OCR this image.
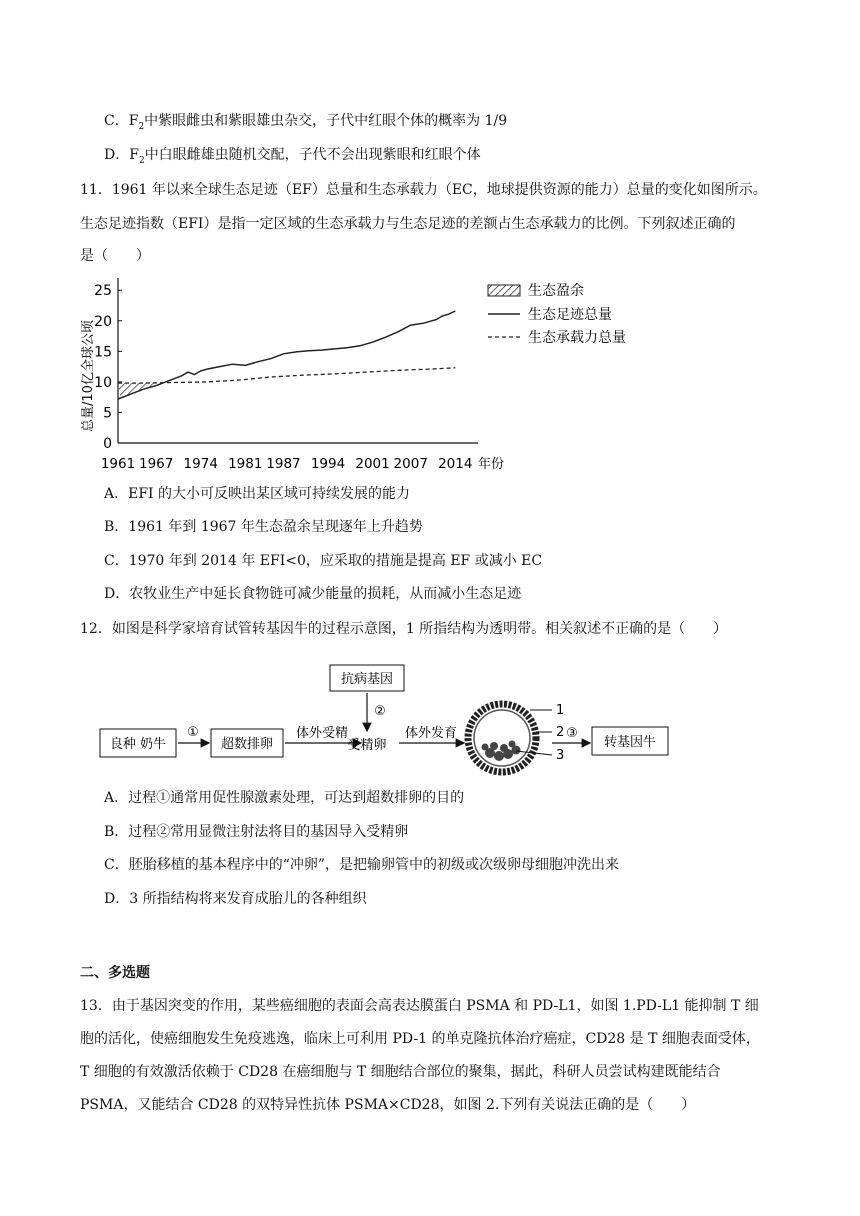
C．$F_2$中紫眼雌虫和紫眼雄虫杂交，子代中红眼个体的概率为 1/9
D．$F_2$中白眼雌雄虫随机交配，子代不会出现紫眼和红眼个体
11．1961 年以来全球生态足迹（EF）总量和生态承载力（EC，地球提供资源的能力）总量的变化如图所示。
生态足迹指数（EFI）是指一定区域的生态承载力与生态足迹的差额占生态承载力的比例。下列叙述正确的
是（　　）
0
5
10
15
20
25
1961 1967 1974 1981 1987 1994 2001 2007 2014
总量/10亿全球公顷
年份
生态盈余
生态足迹总量
生态承载力总量
A．EFI 的大小可反映出某区域可持续发展的能力
B．1961 年到 1967 年生态盈余呈现逐年上升趋势
C．1970 年到 2014 年 EFI<0，应采取的措施是提高 EF 或减小 EC
D．农牧业生产中延长食物链可减少能量的损耗，从而减小生态足迹
12．如图是科学家培育试管转基因牛的过程示意图，1 所指结构为透明带。相关叙述不正确的是（　　）
良种 奶牛	超数排卵
抗病基因
转基因牛
①	体外受精
②
受精卵
体外发育
1
2
3
③
A．过程①通常用促性腺激素处理，可达到超数排卵的目的
B．过程②常用显微注射法将目的基因导入受精卵
C．胚胎移植的基本程序中的“冲卵”，是把输卵管中的初级或次级卵母细胞冲洗出来
D．3 所指结构将来发育成胎儿的各种组织
二、多选题
13．由于基因突变的作用，某些癌细胞的表面会高表达膜蛋白 PSMA 和 PD-L1，如图 1.PD-L1 能抑制 T 细
胞的活化，使癌细胞发生免疫逃逸，临床上可利用 PD-1 的单克隆抗体治疗癌症，CD28 是 T 细胞表面受体，
T 细胞的有效激活依赖于 CD28 在癌细胞与 T 细胞结合部位的聚集，据此，科研人员尝试构建既能结合
PSMA，又能结合 CD28 的双特异性抗体 PSMA×CD28，如图 2.下列有关说法正确的是（　　）
